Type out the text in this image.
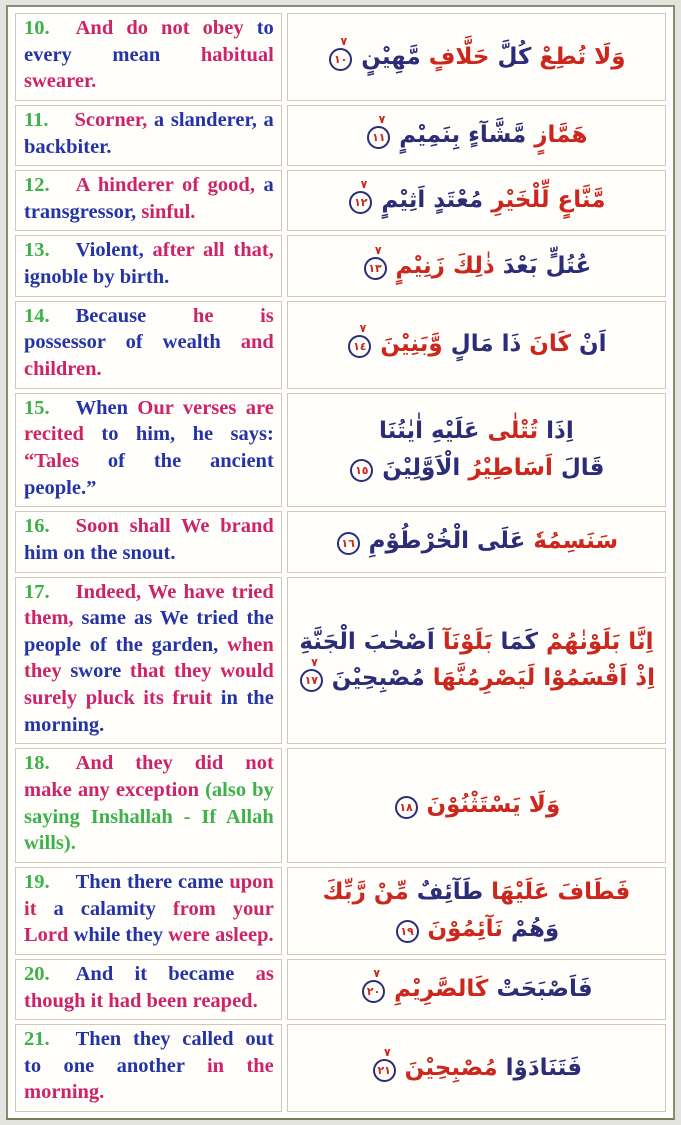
10. And do not obey to every mean habitual swearer.	وَلَا تُطِعْ كُلَّ حَلَّافٍ مَّهِيْنٍ١٠
٧

11. Scorner, a slanderer, a backbiter.	هَمَّازٍ مَّشَّآءٍ بِنَمِيْمٍ١١
٧

12. A hinderer of good, a transgressor, sinful.	مَّنَّاعٍ لِّلْخَيْرِ مُعْتَدٍ اَثِيْمٍ١٢
٧

13. Violent, after all that, ignoble by birth.	عُتُلٍّ بَعْدَ ذٰلِكَ زَنِيْمٍ١٣
٧

14. Because he is possessor of wealth and children.	اَنْ كَانَ ذَا مَالٍ وَّبَنِيْنَ١٤
٧

15. When Our verses are recited to him, he says: “Tales of the ancient people.”	اِذَا تُتْلٰى عَلَيْهِ اٰيٰتُنَا
قَالَ اَسَاطِيْرُ الْاَوَّلِيْنَ١٥

16. Soon shall We brand him on the snout.	سَنَسِمُهٗ عَلَى الْخُرْطُوْمِ١٦

17. Indeed, We have tried them, same as We tried the people of the garden, when they swore that they would surely pluck its fruit in the morning.	اِنَّا بَلَوْنٰهُمْ كَمَا بَلَوْنَآ اَصْحٰبَ الْجَنَّةِ
اِذْ اَقْسَمُوْا لَيَصْرِمُنَّهَا مُصْبِحِيْنَ١٧
٧

18. And they did not make any exception (also by saying Inshallah - If Allah wills).	وَلَا يَسْتَثْنُوْنَ١٨

19. Then there came upon it a calamity from your Lord while they were asleep.	فَطَافَ عَلَيْهَا طَآئِفٌ مِّنْ رَّبِّكَ
وَهُمْ نَآئِمُوْنَ١٩

20. And it became as though it had been reaped.	فَاَصْبَحَتْ كَالصَّرِيْمِ٢٠
٧

21. Then they called out to one another in the morning.	فَتَنَادَوْا مُصْبِحِيْنَ٢١
٧
